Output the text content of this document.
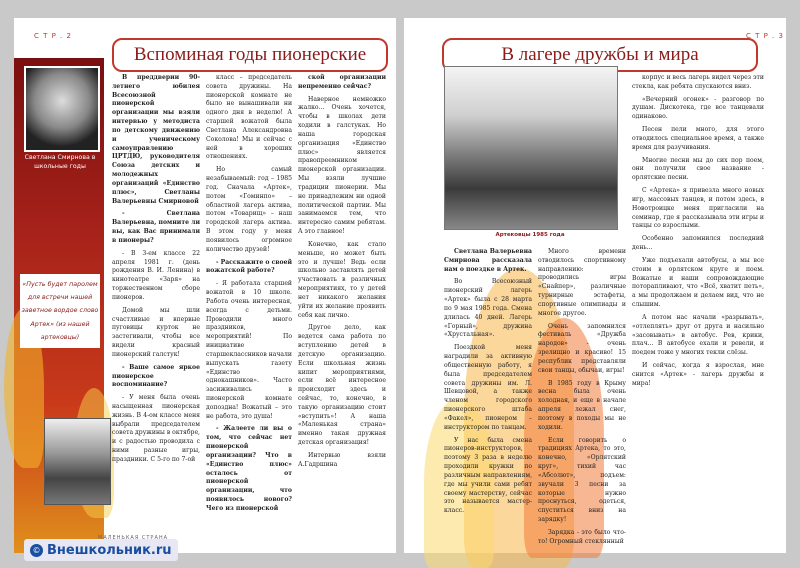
С Т Р . 2
Вспоминая годы пионерские
Светлана Смирнова в школьные годы
«Пусть будет паролем для встречи нашей заветное вордое слово Артек» (из нашей артековцы)

В преддверии 90-летнего юбилея Всесоюзной пионерской организации мы взяли интервью у методиста по детскому движению и ученическому самоуправлению ЦРТДЮ, руководителя Союза детских и молодежных организаций «Единство плюс», Светланы Валерьевны Смирновой

- Светлана Валерьевна, помните ли вы, как Вас принимали в пионеры?

- В 3-ем классе 22 апреля 1981 г. (день рождения В. И. Ленина) в кинотеатре «Заря» на торжественном сборе пионеров.

Домой мы шли счастливые и впервые пуговицы курток не застегивали, чтобы все видели красный пионерский галстук!

- Ваше самое яркое пионерское воспоминание?

- У меня была очень насыщенная пионерская жизнь. В 4-ом классе меня выбрали председателем совета дружины в октябре, и с радостью проводила с ними разные игры, праздники. С 5-го по 7-ой

класс – председатель совета дружины. На пионерской комнате не было не вынашивали ни одного дня в неделю! А старшей вожатой была Светлана Александровна Соколова! Мы и сейчас с ней в хороших отношениях.

Но самый незабываемый: год – 1985 год. Сначала «Артек», потом «Гоминпо» – областной лагерь актива, потом «Товарищ» – наш городской лагерь актива. В этом году у меня появилось огромное количество друзей!

- Расскажите о своей вожатской работе?

- Я работала старшей вожатой в 10 школе. Работа очень интересная, всегда с детьми. Проводили много праздников, мероприятий! По инициативе старшеклассников начали выпускать газету «Единство однокашников». Часто засиживались в пионерской комнате допоздна! Вожатый – это не работа, это душа!

- Жалеете ли вы о том, что сейчас нет пионерской организации? Что в «Единство плюс» осталось от пионерской организации, что появилось нового? Чего из пионерской

ской организации непременно сейчас?

Наверное немножко жалко... Очень хочется, чтобы в школах дети ходили в галстуках. Но наша городская организация «Единство плюс» является правопреемником пионерской организации. Мы взяли лучшие традиции пионерии. Мы не принадлежим ни одной политической партии. Мы занимаемся тем, что интересно самим ребятам. А это главное!

Конечно, как стало меньше, но может быть это и лучше! Ведь если школьно заставлять детей участвовать в различных мероприятиях, то у детей нет никакого желания уйти их желание проявить себя как лично.

Другое дело, как ведется сама работа по вступлению детей в детскую организацию. Если школьная жизнь кипит мероприятиями, если всё интересное происходит здесь и сейчас, то, конечно, в такую организацию стоит «вступить»! А наша «Маленькая страна» именно такая дружная детская организация!

Интервью взяли А.Гадршина

©
МАЛЕНЬКАЯ СТРАНА
Внешкольник.ru
С Т Р . 3
В лагере дружбы и мира
Артековцы 1985 года

Светлана Валерьевна Смирнова рассказала нам о поездке в Артек.

Во Всесоюзный пионерский лагерь «Артек» была с 28 марта по 9 мая 1985 года. Смена длилась 40 дней. Лагерь «Горный», дружина «Хрустальная».

Поездкой меня наградили за активную общественную работу, я была председателем совета дружины им. Л. Шевцовой, а также членом городского пионерского штаба «Факел», пионером – инструктором по танцам.

У нас была смена пионеров-инструкторов, поэтому 3 раза в неделю проходили кружки по различным направлениям, где мы учили сами ребят своему мастерству, сейчас это называется мастер- класс.

Много времени отводилось спортивному направлению: проводились игры «Снайпер», различные турнирные эстафеты, спортивные олимпиады и многое другое.

Очень запомнился фестиваль «Дружба народов» - очень зрелищно и красиво! 15 республик представляли свои танцы, обычаи, игры!

В 1985 году в Крыму весна была очень холодная, и еще в начале апреля лежал снег, поэтому в походы мы не ходили.

Если говорить о традициях Артека, то это, конечно, «Орлятский круг», тихий час «Абсолют», подъем: звучали 3 песни за которые нужно проснуться, одеться, спуститься вниз на зарядку!

Зарядка - это было что-то! Огромный стеклянный

корпус и весь лагерь видел через эти стекла, как ребята спускаются вниз.

«Вечерний огонек» - разговор по душам. Дискотека, где все танцевали одинаково.

Песен пели много, для этого отводилось специальное время, а также время для разучивания.

Многие песни мы до сих пор поем, они получили свое название - орлятские песни.

С «Артека» я привезла много новых игр, массовых танцев, и потом здесь, в Новотроицке меня пригласили на семинар, где я рассказывала эти игры и танцы со взрослыми.

Особенно запомнился последний день...

Уже подъехали автобусы, а мы все стоим в орлятском круге и поем. Вожатые и наши сопровождающие поторапливают, что «Всё, хватит петь», а мы продолжаем и делаем вид, что не слышим.

А потом нас начали «разрывать», «отлеплять» друг от друга и насильно «засовывать» в автобус. Рев, крики, плач... В автобусе ехали и ревели, и поедем тоже у многих текли слёзы.

И сейчас, когда я взрослая, мне снится «Артек» - лагерь дружбы и мира!
